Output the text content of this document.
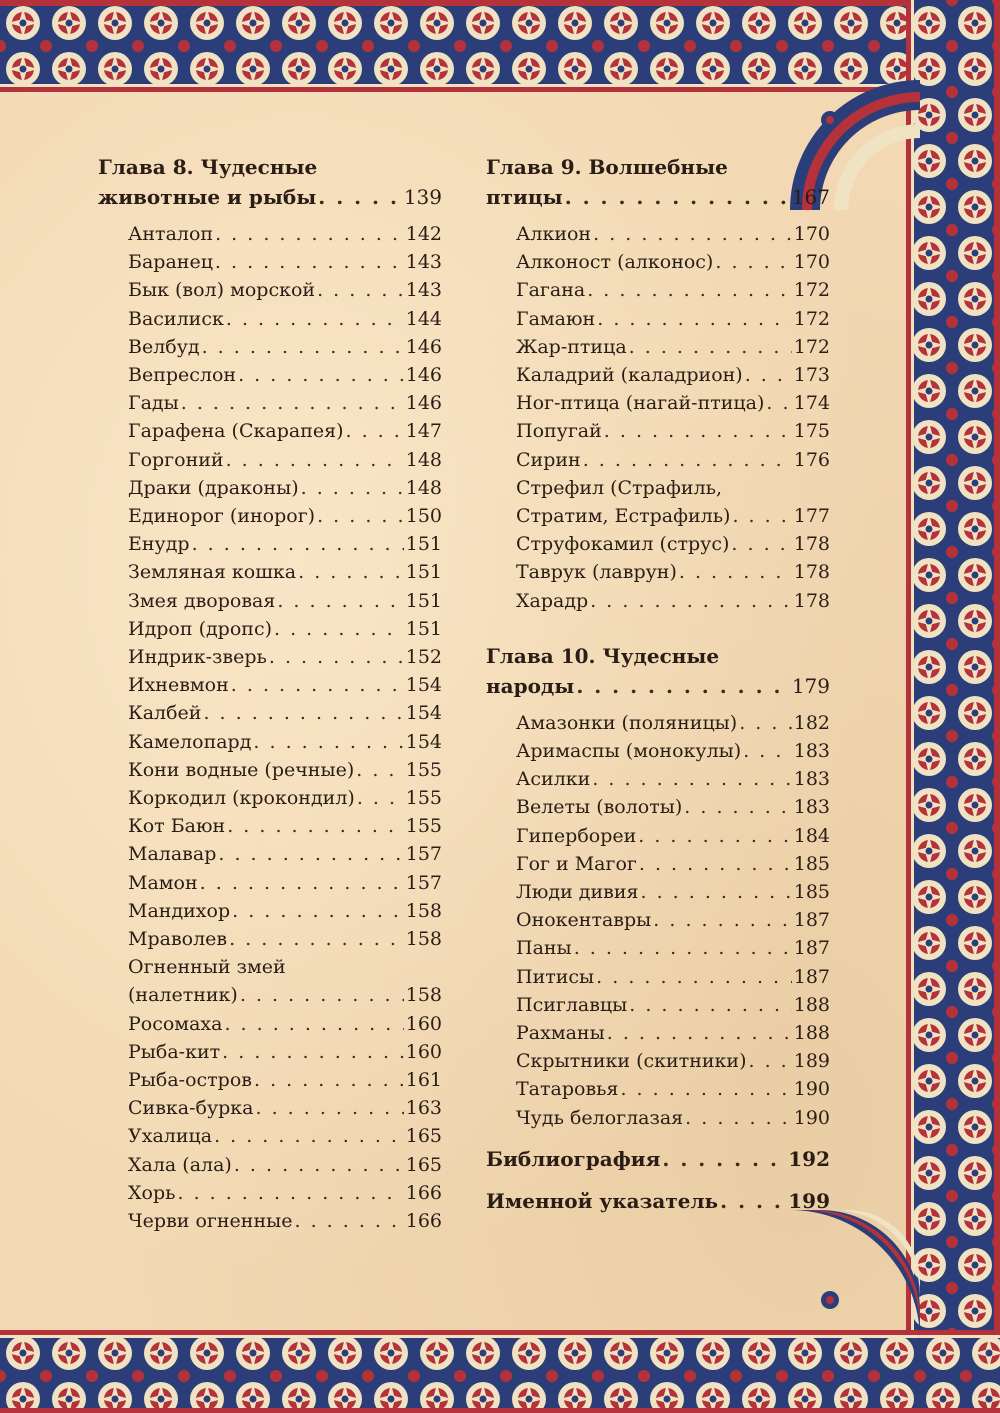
Глава 8. Чудесные
животные и рыбы . . .	139
Анталоп . . .	142
Баранец . . .	143
Бык (вол) морской . . .	143
Василиск . . .	144
Велбуд . . .	146
Вепреслон . . .	146
Гады . . .	146
Гарафена (Скарапея) . . .	147
Горгоний . . .	148
Драки (драконы) . . .	148
Единорог (инорог) . . .	150
Енудр . . .	151
Земляная кошка . . .	151
Змея дворовая . . .	151
Идроп (дропс) . . .	151
Индрик-зверь . . .	152
Ихневмон . . .	154
Калбей . . .	154
Камелопард . . .	154
Кони водные (речные) . . .	155
Коркодил (крокондил) . . .	155
Кот Баюн . . .	155
Малавар . . .	157
Мамон . . .	157
Мандихор . . .	158
Мраволев . . .	158
Огненный змей
(налетник) . . .	158
Росомаха . . .	160
Рыба-кит . . .	160
Рыба-остров . . .	161
Сивка-бурка . . .	163
Ухалица . . .	165
Хала (ала) . . .	165
Хорь . . .	166
Черви огненные . . .	166
Глава 9. Волшебные
птицы . . .	167
Алкион . . .	170
Алконост (алконос) . . .	170
Гагана . . .	172
Гамаюн . . .	172
Жар-птица . . .	172
Каладрий (каладрион) . . .	173
Ног-птица (нагай-птица) . . . 174
Попугай . . .	175
Сирин . . .	176
Стрефил (Страфиль,
Стратим, Естрафиль) . . .	177
Струфокамил (струс) . . .	178
Таврук (лаврун) . . .	178
Харадр . . .	178
Глава 10. Чудесные
народы . . .	179
Амазонки (поляницы) . . .	182
Аримаспы (монокулы) . . .	183
Асилки . . .	183
Велеты (волоты) . . .	183
Гипербореи . . .	184
Гог и Магог . . .	185
Люди дивия . . .	185
Онокентавры . . .	187
Паны . . .	187
Питисы . . .	187
Псиглавцы . . .	188
Рахманы . . .	188
Скрытники (скитники) . . . 189
Татаровья . . .	190
Чудь белоглазая . . .	190
Библиография . . .	192
Именной указатель . . .	199
